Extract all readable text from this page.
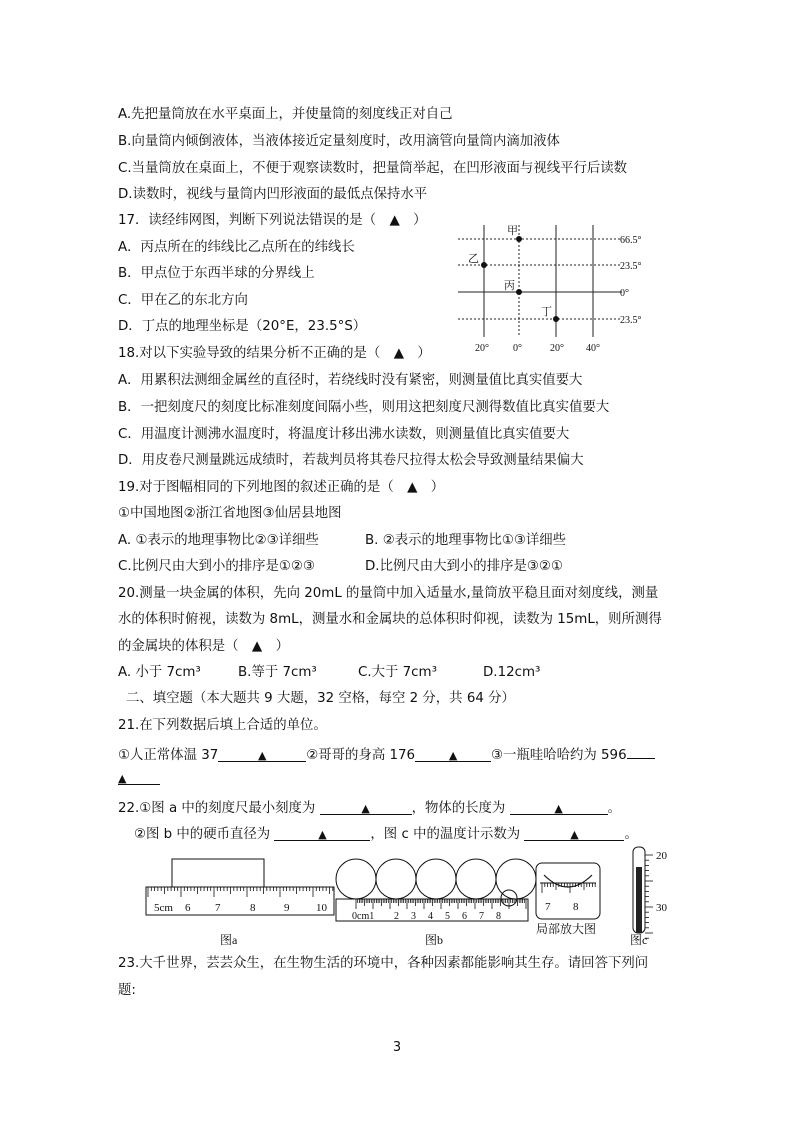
A.先把量筒放在水平桌面上，并使量筒的刻度线正对自己
B.向量筒内倾倒液体，当液体接近定量刻度时，改用滴管向量筒内滴加液体
C.当量筒放在桌面上，不便于观察读数时，把量筒举起，在凹形液面与视线平行后读数
D.读数时，视线与量筒内凹形液面的最低点保持水平
17．读经纬网图，判断下列说法错误的是（　▲　）
A．丙点所在的纬线比乙点所在的纬线长
B．甲点位于东西半球的分界线上
C．甲在乙的东北方向
D．丁点的地理坐标是（20°E，23.5°S）
18.对以下实验导致的结果分析不正确的是（　▲　）
A．用累积法测细金属丝的直径时，若绕线时没有紧密，则测量值比真实值要大
B．一把刻度尺的刻度比标准刻度间隔小些，则用这把刻度尺测得数值比真实值要大
C．用温度计测沸水温度时，将温度计移出沸水读数，则测量值比真实值要大
D．用皮卷尺测量跳远成绩时，若裁判员将其卷尺拉得太松会导致测量结果偏大
19.对于图幅相同的下列地图的叙述正确的是（　▲　）
①中国地图②浙江省地图③仙居县地图
A. ①表示的地理事物比②③详细些	B. ②表示的地理事物比①③详细些
C.比例尺由大到小的排序是①②③	D.比例尺由大到小的排序是③②①
20.测量一块金属的体积，先向 20mL 的量筒中加入适量水,量筒放平稳且面对刻度线，测量
水的体积时俯视，读数为 8mL，测量水和金属块的总体积时仰视，读数为 15mL，则所测得
的金属块的体积是（　▲　）
A. 小于 7cm³	B.等于 7cm³	C.大于 7cm³	D.12cm³
二、填空题（本大题共 9 大题，32 空格，每空 2 分，共 64 分）
21.在下列数据后填上合适的单位。
①人正常体温 37	▲	②哥哥的身高 176	▲	③一瓶哇哈哈约为 596
▲
22.①图 a 中的刻度尺最小刻度为	▲	，物体的长度为	▲	。
②图 b 中的硬币直径为	▲	，图 c 中的温度计示数为	▲	。
23.大千世界，芸芸众生，在生物生活的环境中，各种因素都能影响其生存。请回答下列问
题:
甲
乙
丙
丁
66.5°
23.5°
0°
23.5°
20° 0°	20° 40°
5cm 6 7	8	9 10
图a
0cm1 2 3 4 5 6 7 8
图b
7 8
局部放大图
20
30
图c
3
